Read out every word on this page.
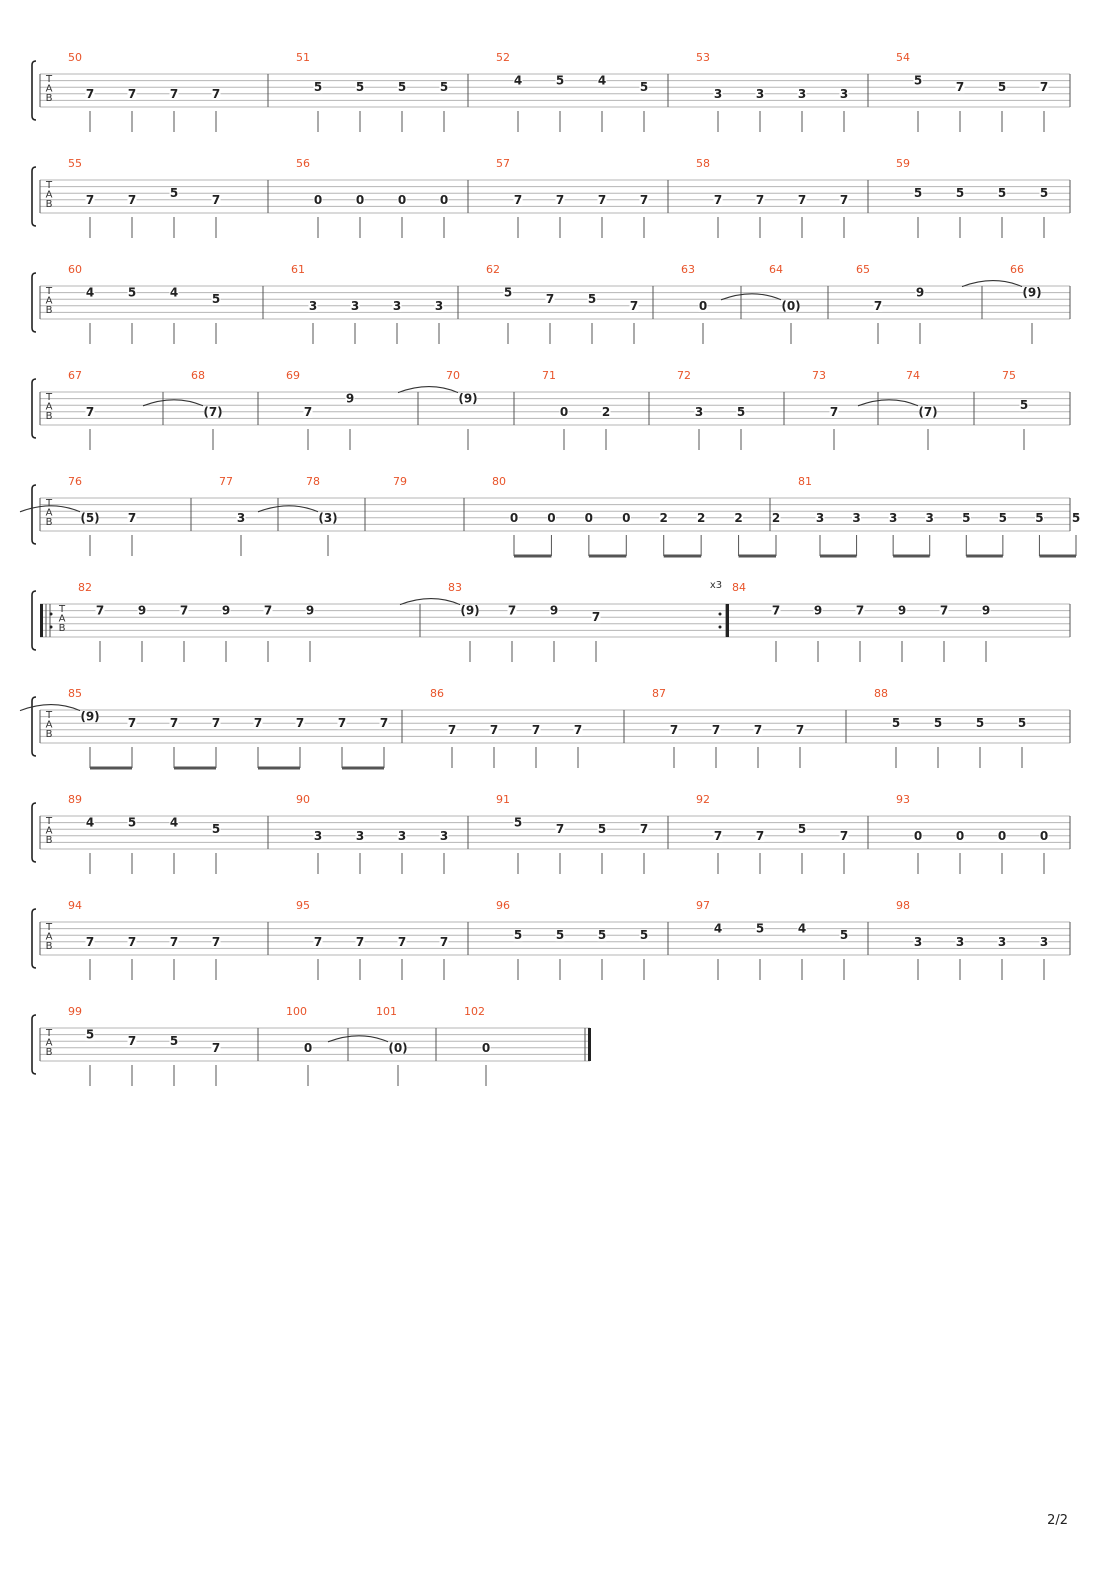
T
A
B
50
7	7	7	7
51
5	5	5	5
52
4	5	4	5
53
3	3	3	3
54
5	7	5	7
T
A
B
55
7	7	5	7
56
0	0	0	0
57
7	7	7	7
58
7	7	7	7
59
5	5	5	5
T
A
B
60
4	5	4	5
61
3	3	3	3
62
5	7	5	7
63
0
64
(0)
65
7
9
66
(9)
T
A
B
67
7
68
(7)
69
7
9
70
(9)
71
0	2
72
3	5
73
7
74
(7)
75
5
T
A
B
76
(5) 7
77
3
78
(3)
79	80
0 0 0 0 2 2 2 2
81
3 3 3 3 5 5 5 5
T
A
B
x3
82
7	9	7	9	7	9
83
(9) 7	9	7
84
7	9	7	9	7	9
T
A
B
85
(9) 7	7	7	7	7	7	7
86
7	7	7	7
87
7	7	7	7
88
5	5	5	5
T
A
B
89
4	5	4	5
90
3	3	3	3
91
5	7	5	7
92
7	7	5	7
93
0	0	0	0
T
A
B
94
7	7	7	7
95
7	7	7	7
96
5	5	5	5
97
4	5	4	5
98
3	3	3	3
T
A
B
99
5	7	5	7
100
0
101
(0)
102
0
2/2
